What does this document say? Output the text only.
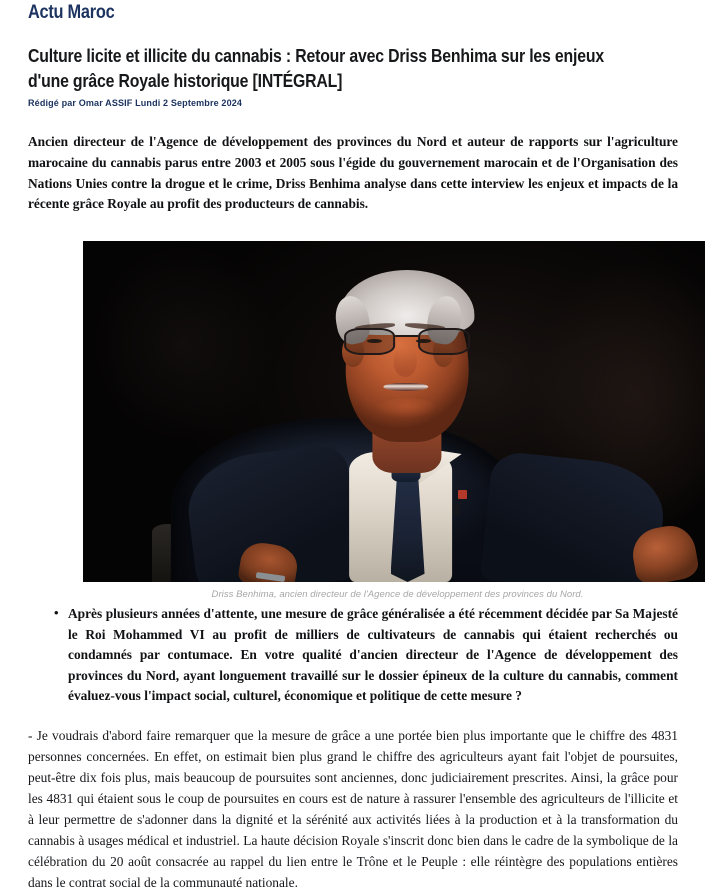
Actu Maroc
Culture licite et illicite du cannabis : Retour avec Driss Benhima sur les enjeux d'une grâce Royale historique [INTÉGRAL]
Rédigé par Omar ASSIF Lundi 2 Septembre 2024

Ancien directeur de l'Agence de développement des provinces du Nord et auteur de rapports sur l'agriculture marocaine du cannabis parus entre 2003 et 2005 sous l'égide du gouvernement marocain et de l'Organisation des Nations Unies contre la drogue et le crime, Driss Benhima analyse dans cette interview les enjeux et impacts de la récente grâce Royale au profit des producteurs de cannabis.

Driss Benhima, ancien directeur de l'Agence de développement des provinces du Nord.
• Après plusieurs années d'attente, une mesure de grâce généralisée a été récemment décidée par Sa Majesté le Roi Mohammed VI au profit de milliers de cultivateurs de cannabis qui étaient recherchés ou condamnés par contumace. En votre qualité d'ancien directeur de l'Agence de développement des provinces du Nord, ayant longuement travaillé sur le dossier épineux de la culture du cannabis, comment évaluez-vous l'impact social, culturel, économique et politique de cette mesure ?

- Je voudrais d'abord faire remarquer que la mesure de grâce a une portée bien plus importante que le chiffre des 4831 personnes concernées. En effet, on estimait bien plus grand le chiffre des agriculteurs ayant fait l'objet de poursuites, peut-être dix fois plus, mais beaucoup de poursuites sont anciennes, donc judiciairement prescrites. Ainsi, la grâce pour les 4831 qui étaient sous le coup de poursuites en cours est de nature à rassurer l'ensemble des agriculteurs de l'illicite et à leur permettre de s'adonner dans la dignité et la sérénité aux activités liées à la production et à la transformation du cannabis à usages médical et industriel. La haute décision Royale s'inscrit donc bien dans le cadre de la symbolique de la célébration du 20 août consacrée au rappel du lien entre le Trône et le Peuple : elle réintègre des populations entières dans le contrat social de la communauté nationale.
